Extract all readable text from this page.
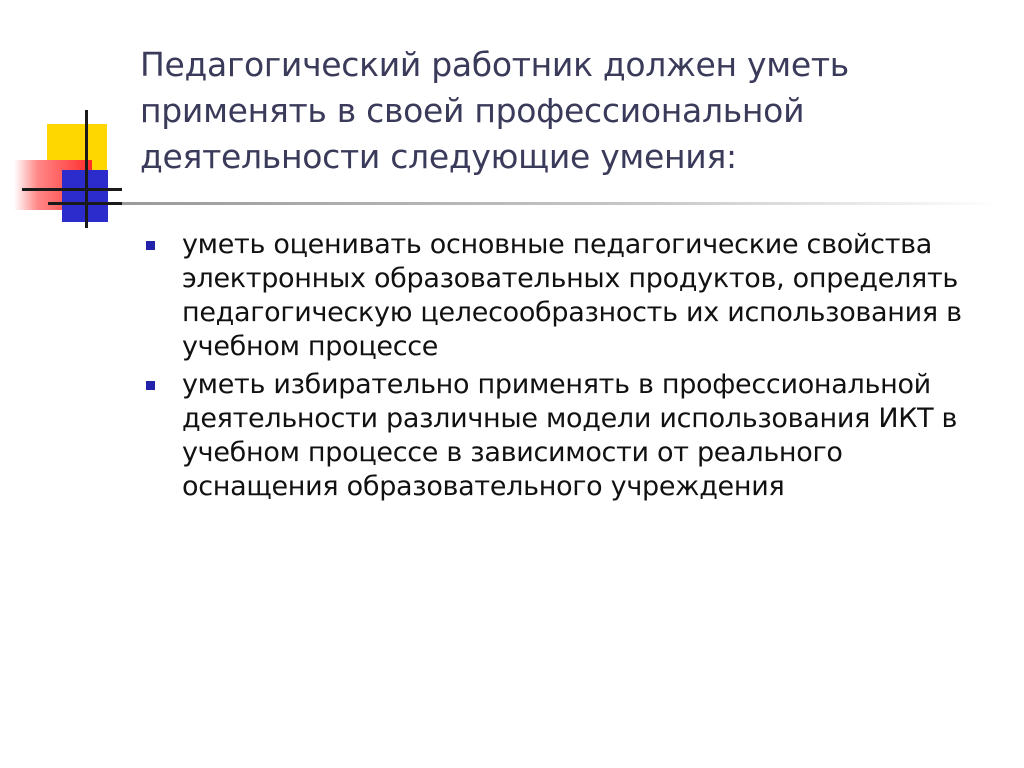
Педагогический работник должен уметь применять в своей профессиональной деятельности следующие умения:
уметь оценивать основные педагогические свойства электронных образовательных продуктов, определять педагогическую целесообразность их использования в учебном процессе
уметь избирательно применять в профессиональной деятельности различные модели использования ИКТ в учебном процессе в зависимости от реального оснащения образовательного учреждения
